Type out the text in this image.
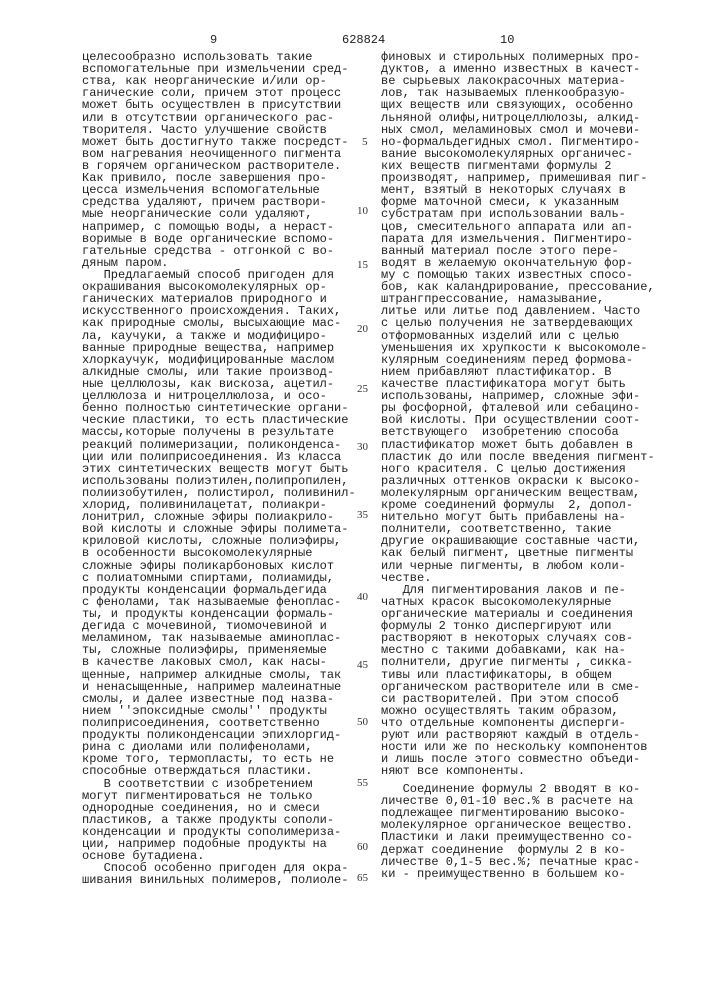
9	628824	10
целесообразно использовать такие
вспомогательные при измельчении сред-
ства, как неорганические и/или ор-
ганические соли, причем этот процесс
может быть осуществлен в присутствии
или в отсутствии органического рас-
творителя. Часто улучшение свойств
может быть достигнуто также посредст-
вом нагревания неочищенного пигмента
в горячем органическом растворителе.
Как привило, после завершения про-
цесса измельчения вспомогательные
средства удаляют, причем раствори-
мые неорганические соли удаляют,
например, с помощью воды, а нераст-
воримые в воде органические вспомо-
гательные средства - отгонкой с во-
дяным паром.
Предлагаемый способ пригоден для
окрашивания высокомолекулярных ор-
ганических материалов природного и
искусственного происхождения. Таких,
как природные смолы, высыхающие мас-
ла, каучуки, а также и модифициро-
ванные природные вещества, например
хлоркаучук, модифицированные маслом
алкидные смолы, или такие производ-
ные целлюлозы, как вискоза, ацетил-
целлюлоза и нитроцеллюлоза, и осо-
бенно полностью синтетические органи-
ческие пластики, то есть пластические
массы,которые получены в результате
реакций полимеризации, поликонденса-
ции или полиприсоединения. Из класса
этих синтетических веществ могут быть
использованы полиэтилен,полипропилен,
полиизобутилен, полистирол, поливинил-
хлорид, поливинилацетат, полиакри-
лонитрил, сложные эфиры полиакрило-
вой кислоты и сложные эфиры полимета-
криловой кислоты, сложные полиэфиры,
в особенности высокомолекулярные
сложные эфиры поликарбоновых кислот
с полиатомными спиртами, полиамиды,
продукты конденсации формальдегида
с фенолами, так называемые феноплас-
ты, и продукты конденсации формаль-
дегида с мочевиной, тиомочевиной и
меламином, так называемые аминоплас-
ты, сложные полиэфиры, применяемые
в качестве лаковых смол, как насы-
щенные, например алкидные смолы, так
и ненасыщенные, например малеинатные
смолы, и далее известные под назва-
нием ''эпоксидные смолы'' продукты
полиприсоединения, соответственно
продукты поликонденсации эпихлоргид-
рина с диолами или полифенолами,
кроме того, термопласты, то есть не
способные отверждаться пластики.
В соответствии с изобретением
могут пигментироваться не только
однородные соединения, но и смеси
пластиков, а также продукты сополи-
конденсации и продукты сополимериза-
ции, например подобные продукты на
основе бутадиена.
Способ особенно пригоден для окра-
шивания винильных полимеров, полиоле-
финовых и стирольных полимерных про-
дуктов, а именно известных в качест-
ве сырьевых лакокрасочных материа-
лов, так называемых пленкообразую-
щих веществ или связующих, особенно
льняной олифы,нитроцеллюлозы, алкид-
ных смол, меламиновых смол и мочеви-
но-формальдегидных смол. Пигментиро-
вание высокомолекулярных органичес-
ких веществ пигментами формулы 2
производят, например, примешивая пиг-
мент, взятый в некоторых случаях в
форме маточной смеси, к указанным
субстратам при использовании валь-
цов, смесительного аппарата или ап-
парата для измельчения. Пигментиро-
ванный материал после этого пере-
водят в желаемую окончательную фор-
му с помощью таких известных спосо-
бов, как каландрирование, прессование,
штрангпрессование, намазывание,
литье или литье под давлением. Часто
с целью получения не затвердевающих
отформованных изделий или с целью
уменьшения их хрупкости к высокомоле-
кулярным соединениям перед формова-
нием прибавляют пластификатор. В
качестве пластификатора могут быть
использованы, например, сложные эфи-
ры фосфорной, фталевой или себацино-
вой кислоты. При осуществлении соот-
ветствующего  изобретению способа
пластификатор может быть добавлен в
пластик до или после введения пигмент-
ного красителя. С целью достижения
различных оттенков окраски к высоко-
молекулярным органическим веществам,
кроме соединений формулы  2, допол-
нительно могут быть прибавлены на-
полнители, соответственно, такие
другие окрашивающие составные части,
как белый пигмент, цветные пигменты
или черные пигменты, в любом коли-
честве.
Для пигментирования лаков и пе-
чатных красок высокомолекулярные
органические материалы и соединения
формулы 2 тонко диспергируют или
растворяют в некоторых случаях сов-
местно с такими добавками, как на-
полнители, другие пигменты , сикка-
тивы или пластификаторы, в общем
органическом растворителе или в сме-
си растворителей. При этом способ
можно осуществлять таким образом,
что отдельные компоненты дисперги-
руют или растворяют каждый в отдель-
ности или же по нескольку компонентов
и лишь после этого совместно объеди-
няют все компоненты.
Соединение формулы 2 вводят в ко-
личестве 0,01-10 вес.% в расчете на
подлежащее пигментированию высоко-
молекулярное органическое вещество.
Пластики и лаки преимущественно со-
держат соединение  формулы 2 в ко-
личестве 0,1-5 вес.%; печатные крас-
ки - преимущественно в большем ко-
5
10
15
20
25
30
35
40
45
50
55
60
65
